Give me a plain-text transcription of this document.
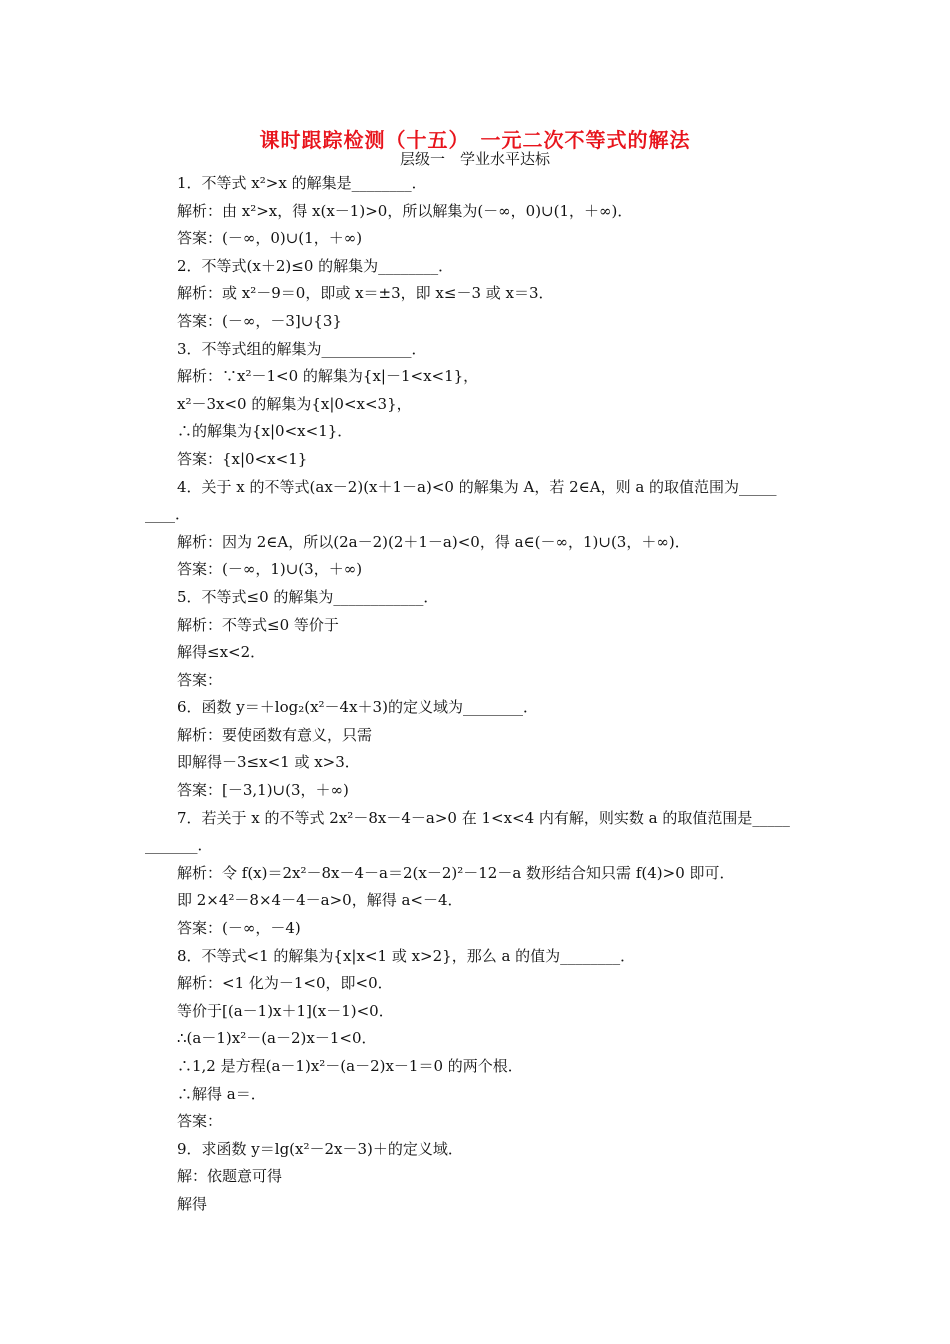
课时跟踪检测（十五）　一元二次不等式的解法
层级一　学业水平达标
1．不等式 x²>x 的解集是________．
解析：由 x²>x，得 x(x－1)>0，所以解集为(－∞，0)∪(1，＋∞)．
答案：(－∞，0)∪(1，＋∞)
2．不等式(x＋2)≤0 的解集为________．
解析：或 x²－9＝0，即或 x＝±3，即 x≤－3 或 x＝3．
答案：(－∞，－3]∪{3}
3．不等式组的解集为____________．
解析：∵x²－1<0 的解集为{x|－1<x<1}，
x²－3x<0 的解集为{x|0<x<3}，
∴的解集为{x|0<x<1}．
答案：{x|0<x<1}
4．关于 x 的不等式(ax－2)(x＋1－a)<0 的解集为 A，若 2∈A，则 a 的取值范围为_____
____．
解析：因为 2∈A，所以(2a－2)(2＋1－a)<0，得 a∈(－∞，1)∪(3，＋∞)．
答案：(－∞，1)∪(3，＋∞)
5．不等式≤0 的解集为____________．
解析：不等式≤0 等价于
解得≤x<2．
答案：
6．函数 y＝＋log₂(x²－4x＋3)的定义域为________．
解析：要使函数有意义，只需
即解得－3≤x<1 或 x>3．
答案：[－3,1)∪(3，＋∞)
7．若关于 x 的不等式 2x²－8x－4－a>0 在 1<x<4 内有解，则实数 a 的取值范围是_____
_______．
解析：令 f(x)＝2x²－8x－4－a＝2(x－2)²－12－a 数形结合知只需 f(4)>0 即可．
即 2×4²－8×4－4－a>0，解得 a<－4．
答案：(－∞，－4)
8．不等式<1 的解集为{x|x<1 或 x>2}，那么 a 的值为________．
解析：<1 化为－1<0，即<0．
等价于[(a－1)x＋1](x－1)<0．
∴(a－1)x²－(a－2)x－1<0．
∴1,2 是方程(a－1)x²－(a－2)x－1＝0 的两个根．
∴解得 a＝．
答案：
9．求函数 y＝lg(x²－2x－3)＋的定义域．
解：依题意可得
解得
